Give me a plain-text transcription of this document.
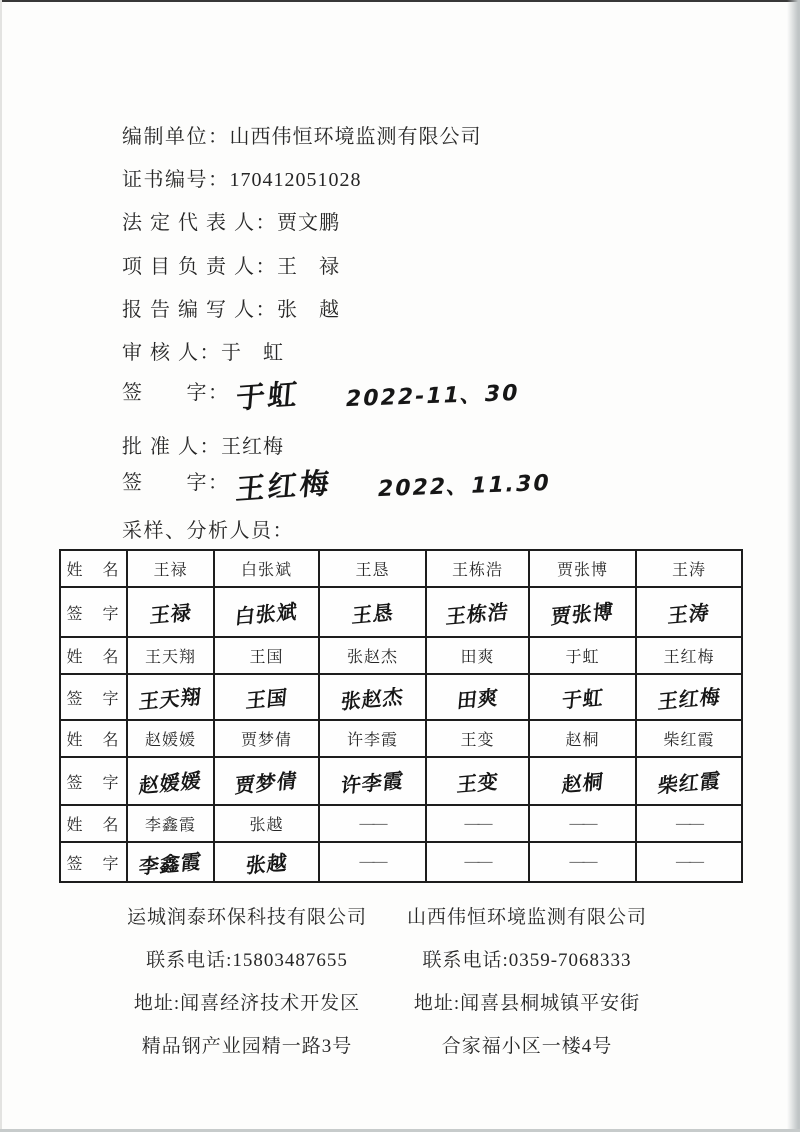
编制单位：山西伟恒环境监测有限公司
证书编号：170412051028
法 定 代 表 人：贾文鹏
项 目 负 责 人：王　禄
报 告 编 写 人：张　越
审 核 人：于　虹
签　　字： 于虹 2022-11、30
批 准 人：王红梅
签　　字： 王红梅 2022、11.30
采样、分析人员：
姓　名	王禄	白张斌	王恳	王栋浩	贾张博	王涛
签　字	王禄	白张斌	王恳	王栋浩	贾张博	王涛
姓　名	王天翔	王国	张赵杰	田爽	于虹	王红梅
签　字	王天翔	王国	张赵杰	田爽	于虹	王红梅
姓　名	赵媛媛	贾梦倩	许李霞	王变	赵桐	柴红霞
签　字	赵媛媛	贾梦倩	许李霞	王变	赵桐	柴红霞
姓　名	李鑫霞	张越	——	——	——	——
签　字	李鑫霞	张越	——	——	——	——
运城润泰环保科技有限公司
联系电话:15803487655
地址:闻喜经济技术开发区
精品钢产业园精一路3号
山西伟恒环境监测有限公司
联系电话:0359-7068333
地址:闻喜县桐城镇平安街
合家福小区一楼4号
